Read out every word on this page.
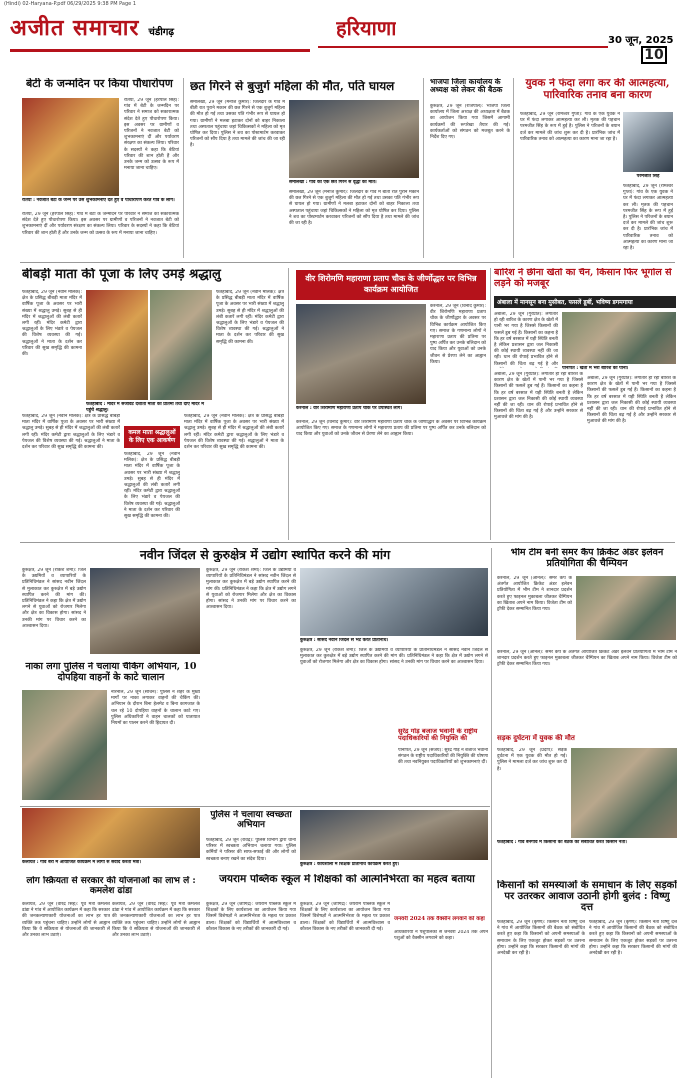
(Hindi) 02-Haryana-P.pdf 06/29/2025 9:38 PM Page 1
अजीत समाचार चंडीगढ़	हरियाणा
30 जून, 2025
10
बेटी के जन्मदिन पर किया पौधारोपण
रतिया, 29 जून (हरपाल सिंह): गांव में बेटी के जन्मदिन पर परिवार ने समाज को सकारात्मक संदेश देते हुए पौधारोपण किया। इस अवसर पर ग्रामीणों व परिजनों ने नवजात बेटी को शुभकामनाएं दीं और पर्यावरण संरक्षण का संकल्प लिया। परिवार के सदस्यों ने कहा कि बेटियां परिवार की शान होती हैं और उनके जन्म को उत्सव के रूप में मनाया जाना चाहिए।
रतिया : नवजात बेटी के जन्म पर उसे शुभकामनाएं देते हुए व पौधारोपण करते गांव के लोग।
रतिया, 29 जून (हरपाल सिंह): गांव में बेटी के जन्मदिन पर परिवार ने समाज को सकारात्मक संदेश देते हुए पौधारोपण किया। इस अवसर पर ग्रामीणों व परिजनों ने नवजात बेटी को शुभकामनाएं दीं और पर्यावरण संरक्षण का संकल्प लिया। परिवार के सदस्यों ने कहा कि बेटियां परिवार की शान होती हैं और उनके जन्म को उत्सव के रूप में मनाया जाना चाहिए।
छत गिरने से बुजुर्ग महिला की मौत, पति घायल
समालखा, 29 जून (मनोज कुमार): जिलेदार के गांव में बीती रात पुराने मकान की छत गिरने से एक बुजुर्ग महिला की मौत हो गई तथा उसका पति गंभीर रूप से घायल हो गया। ग्रामीणों ने मलबा हटाकर दोनों को बाहर निकाला तथा अस्पताल पहुंचाया जहां चिकित्सकों ने महिला को मृत घोषित कर दिया। पुलिस ने शव का पोस्टमार्टम करवाकर परिजनों को सौंप दिया है तथा मामले की जांच की जा रही है।
समालखा : गांव की एक छत गिरने से वृद्धा की मौत।
समालखा, 29 जून (मनोज कुमार): जिलेदार के गांव में बीती रात पुराने मकान की छत गिरने से एक बुजुर्ग महिला की मौत हो गई तथा उसका पति गंभीर रूप से घायल हो गया। ग्रामीणों ने मलबा हटाकर दोनों को बाहर निकाला तथा अस्पताल पहुंचाया जहां चिकित्सकों ने महिला को मृत घोषित कर दिया। पुलिस ने शव का पोस्टमार्टम करवाकर परिजनों को सौंप दिया है तथा मामले की जांच की जा रही है।
भाजपा जिला कार्यालय के अध्यक्ष को लेकर की बैठक
कुरुक्षेत्र, 29 जून (राजपाल): भाजपा जिला कार्यालय में जिला अध्यक्ष की अध्यक्षता में बैठक का आयोजन किया गया जिसमें आगामी कार्यक्रमों की रूपरेखा तैयार की गई। कार्यकर्ताओं को संगठन को मजबूत करने के निर्देश दिए गए।
युवक ने फंदा लगा कर की आत्महत्या, पारिवारिक तनाव बना कारण
फतेहाबाद, 29 जून (रामेश्वर गुप्ता): गांव के एक युवक ने घर में फंदा लगाकर आत्महत्या कर ली। मृतक की पहचान परमजीत सिंह के रूप में हुई है। पुलिस ने परिजनों के बयान दर्ज कर मामले की जांच शुरू कर दी है। प्रारंभिक जांच में पारिवारिक तनाव को आत्महत्या का कारण माना जा रहा है।
परमजीत सिंह
फतेहाबाद, 29 जून (रामेश्वर गुप्ता): गांव के एक युवक ने घर में फंदा लगाकर आत्महत्या कर ली। मृतक की पहचान परमजीत सिंह के रूप में हुई है। पुलिस ने परिजनों के बयान दर्ज कर मामले की जांच शुरू कर दी है। प्रारंभिक जांच में पारिवारिक तनाव को आत्महत्या का कारण माना जा रहा है।
बीबड़ी माता की पूजा के लिए उमड़े श्रद्धालु
फतेहाबाद, 29 जून (नवीन मलिक): क्षेत्र के प्रसिद्ध बीबड़ी माता मंदिर में वार्षिक पूजा के अवसर पर भारी संख्या में श्रद्धालु उमड़े। सुबह से ही मंदिर में श्रद्धालुओं की लंबी कतारें लगी रहीं। मंदिर कमेटी द्वारा श्रद्धालुओं के लिए भंडारे व पेयजल की विशेष व्यवस्था की गई। श्रद्धालुओं ने माता के दर्शन कर परिवार की सुख समृद्धि की कामना की।
फतेहाबाद, 29 जून (नवीन मलिक): क्षेत्र के प्रसिद्ध बीबड़ी माता मंदिर में वार्षिक पूजा के अवसर पर भारी संख्या में श्रद्धालु उमड़े। सुबह से ही मंदिर में श्रद्धालुओं की लंबी कतारें लगी रहीं। मंदिर कमेटी द्वारा श्रद्धालुओं के लिए भंडारे व पेयजल की विशेष व्यवस्था की गई। श्रद्धालुओं ने माता के दर्शन कर परिवार की सुख समृद्धि की कामना की।
फतेहाबाद : मंदिर में सजावट दर्शाती माता की प्रतिमा तथा दाएं मंदिर में पहुंचे श्रद्धालु।
फतेहाबाद, 29 जून (नवीन मलिक): क्षेत्र के प्रसिद्ध बीबड़ी माता मंदिर में वार्षिक पूजा के अवसर पर भारी संख्या में श्रद्धालु उमड़े। सुबह से ही मंदिर में श्रद्धालुओं की लंबी कतारें लगी रहीं। मंदिर कमेटी द्वारा श्रद्धालुओं के लिए भंडारे व पेयजल की विशेष व्यवस्था की गई। श्रद्धालुओं ने माता के दर्शन कर परिवार की सुख समृद्धि की कामना की।
कमल माता श्रद्धालुओं के लिए एक आकर्षण
फतेहाबाद, 29 जून (नवीन मलिक): क्षेत्र के प्रसिद्ध बीबड़ी माता मंदिर में वार्षिक पूजा के अवसर पर भारी संख्या में श्रद्धालु उमड़े। सुबह से ही मंदिर में श्रद्धालुओं की लंबी कतारें लगी रहीं। मंदिर कमेटी द्वारा श्रद्धालुओं के लिए भंडारे व पेयजल की विशेष व्यवस्था की गई। श्रद्धालुओं ने माता के दर्शन कर परिवार की सुख समृद्धि की कामना की।
फतेहाबाद, 29 जून (नवीन मलिक): क्षेत्र के प्रसिद्ध बीबड़ी माता मंदिर में वार्षिक पूजा के अवसर पर भारी संख्या में श्रद्धालु उमड़े। सुबह से ही मंदिर में श्रद्धालुओं की लंबी कतारें लगी रहीं। मंदिर कमेटी द्वारा श्रद्धालुओं के लिए भंडारे व पेयजल की विशेष व्यवस्था की गई। श्रद्धालुओं ने माता के दर्शन कर परिवार की सुख समृद्धि की कामना की।
वीर शिरोमणि महाराणा प्रताप चौक के जीर्णोद्धार पर विभिन्न कार्यक्रम आयोजित
करनाल, 29 जून (विनोद कुमार): वीर शिरोमणि महाराणा प्रताप चौक के जीर्णोद्धार के अवसर पर विभिन्न कार्यक्रम आयोजित किए गए। समाज के गणमान्य लोगों ने महाराणा प्रताप की प्रतिमा पर पुष्प अर्पित कर उनके बलिदान को याद किया और युवाओं को उनके जीवन से प्रेरणा लेने का आह्वान किया।
करनाल : वीर शिरोमणि महाराणा प्रताप चौक पर उपस्थित लोग।
करनाल, 29 जून (विनोद कुमार): वीर शिरोमणि महाराणा प्रताप चौक के जीर्णोद्धार के अवसर पर विभिन्न कार्यक्रम आयोजित किए गए। समाज के गणमान्य लोगों ने महाराणा प्रताप की प्रतिमा पर पुष्प अर्पित कर उनके बलिदान को याद किया और युवाओं को उनके जीवन से प्रेरणा लेने का आह्वान किया।
बारिश ने छीना खेतों का चैन, किसान फिर भूगोल से लड़ने को मजबूर
अंबाला में मानसून बना मुसीबत, फसलें डूबीं, भविष्य डगमगाया
अंबाला, 29 जून (गुरप्रीत): लगातार हो रही बारिश के कारण क्षेत्र के खेतों में पानी भर गया है जिससे किसानों की फसलें डूब गई हैं। किसानों का कहना है कि हर वर्ष बरसात में यही स्थिति बनती है लेकिन प्रशासन द्वारा जल निकासी की कोई स्थायी व्यवस्था नहीं की जा रही। धान की रोपाई प्रभावित होने से किसानों की चिंता बढ़ गई है और
पानीपत : खेतों में भरा बारिश का पानी।
अंबाला, 29 जून (गुरप्रीत): लगातार हो रही बारिश के कारण क्षेत्र के खेतों में पानी भर गया है जिससे किसानों की फसलें डूब गई हैं। किसानों का कहना है कि हर वर्ष बरसात में यही स्थिति बनती है लेकिन प्रशासन द्वारा जल निकासी की कोई स्थायी व्यवस्था नहीं की जा रही। धान की रोपाई प्रभावित होने से किसानों की चिंता बढ़ गई है और उन्होंने सरकार से मुआवजे की मांग की है।
अंबाला, 29 जून (गुरप्रीत): लगातार हो रही बारिश के कारण क्षेत्र के खेतों में पानी भर गया है जिससे किसानों की फसलें डूब गई हैं। किसानों का कहना है कि हर वर्ष बरसात में यही स्थिति बनती है लेकिन प्रशासन द्वारा जल निकासी की कोई स्थायी व्यवस्था नहीं की जा रही। धान की रोपाई प्रभावित होने से किसानों की चिंता बढ़ गई है और उन्होंने सरकार से मुआवजे की मांग की है।
नवीन जिंदल से कुरुक्षेत्र में उद्योग स्थापित करने की मांग
कुरुक्षेत्र, 29 जून (राकेश शर्मा): जिले के उद्यमियों व व्यापारियों के प्रतिनिधिमंडल ने सांसद नवीन जिंदल से मुलाकात कर कुरुक्षेत्र में बड़े उद्योग स्थापित करने की मांग की। प्रतिनिधिमंडल ने कहा कि क्षेत्र में उद्योग लगने से युवाओं को रोजगार मिलेगा और क्षेत्र का विकास होगा। सांसद ने उनकी मांग पर विचार करने का आश्वासन दिया।
नाका लगा पुलिस ने चलाया चैकिंग अभियान, 10 दोपहिया वाहनों के काटे चालान
नारनौल, 29 जून (सचिन): पुलिस ने शहर के मुख्य मार्गों पर नाका लगाकर वाहनों की चैकिंग की। अभियान के दौरान बिना हेलमेट व बिना कागजात के चल रहे 10 दोपहिया वाहनों के चालान काटे गए। पुलिस अधिकारियों ने वाहन चालकों को यातायात नियमों का पालन करने की हिदायत दी।
कुरुक्षेत्र : सांसद नवीन जिंदल से भेंट करते प्रतिनिधि।
कुरुक्षेत्र, 29 जून (राकेश शर्मा): जिले के उद्यमियों व व्यापारियों के प्रतिनिधिमंडल ने सांसद नवीन जिंदल से मुलाकात कर कुरुक्षेत्र में बड़े उद्योग स्थापित करने की मांग की। प्रतिनिधिमंडल ने कहा कि क्षेत्र में उद्योग लगने से युवाओं को रोजगार मिलेगा और क्षेत्र का विकास होगा। सांसद ने उनकी मांग पर विचार करने का आश्वासन दिया।
कुरुक्षेत्र, 29 जून (राकेश शर्मा): जिले के उद्यमियों व व्यापारियों के प्रतिनिधिमंडल ने सांसद नवीन जिंदल से मुलाकात कर कुरुक्षेत्र में बड़े उद्योग स्थापित करने की मांग की। प्रतिनिधिमंडल ने कहा कि क्षेत्र में उद्योग लगने से युवाओं को रोजगार मिलेगा और क्षेत्र का विकास होगा। सांसद ने उनकी मांग पर विचार करने का आश्वासन दिया।
भीम टीम बनी समर कैंप क्रिकेट अंडर इलेवन प्रतियोगिता की चैम्पियन
करनाल, 29 जून (अनिल): समर कैंप के अंतर्गत आयोजित क्रिकेट अंडर इलेवन प्रतियोगिता में भीम टीम ने शानदार प्रदर्शन करते हुए फाइनल मुकाबला जीतकर चैम्पियन का खिताब अपने नाम किया। विजेता टीम को ट्रॉफी देकर सम्मानित किया गया।
करनाल, 29 जून (अनिल): समर कैंप के अंतर्गत आयोजित क्रिकेट अंडर इलेवन प्रतियोगिता में भीम टीम ने शानदार प्रदर्शन करते हुए फाइनल मुकाबला जीतकर चैम्पियन का खिताब अपने नाम किया। विजेता टीम को ट्रॉफी देकर सम्मानित किया गया।
सुरेंद्र गोड़ बजाज भवानी के राष्ट्रीय पदाधिकारियों की नियुक्ति की
पानीपत, 29 जून (संजय): सुरेंद्र गोड़ ने बजाज भवानी संगठन के राष्ट्रीय पदाधिकारियों की नियुक्ति की घोषणा की तथा नवनियुक्त पदाधिकारियों को शुभकामनाएं दीं।
कलायत : गांव बरी में आयोजित कार्यक्रम में लोगों से संवाद करती मंत्री।
लोग स्क्रियता से सरकार की योजनाओं का लाभ लें : कमलेश ढांडा
कलायत, 29 जून (वीरेंद्र सिंह): पूर्व मंत्री कमलेश ढांडा ने गांव में आयोजित कार्यक्रम में कहा कि सरकार की जनकल्याणकारी योजनाओं का लाभ हर पात्र व्यक्ति तक पहुंचना चाहिए। उन्होंने लोगों से आह्वान किया कि वे सक्रियता से योजनाओं की जानकारी लें और उनका लाभ उठाएं।
कलायत, 29 जून (वीरेंद्र सिंह): पूर्व मंत्री कमलेश ढांडा ने गांव में आयोजित कार्यक्रम में कहा कि सरकार की जनकल्याणकारी योजनाओं का लाभ हर पात्र व्यक्ति तक पहुंचना चाहिए। उन्होंने लोगों से आह्वान किया कि वे सक्रियता से योजनाओं की जानकारी लें और उनका लाभ उठाएं।
पुलिस ने चलाया स्वच्छता अभियान
फतेहाबाद, 29 जून (रविंद्र): पुलिस विभाग द्वारा थाना परिसर में स्वच्छता अभियान चलाया गया। पुलिस कर्मियों ने परिसर की साफ-सफाई की और लोगों को स्वच्छता बनाए रखने का संदेश दिया।
कुरुक्षेत्र : कार्यशाला में शिक्षक प्रतिनिधि कार्यक्रम करते हुए।
जयराम पब्लिक स्कूल में शिक्षकों को आत्मनिर्भरता का महत्व बताया
कुरुक्षेत्र, 29 जून (जोगिंद्र): जयराम पब्लिक स्कूल में शिक्षकों के लिए कार्यशाला का आयोजन किया गया जिसमें विशेषज्ञों ने आत्मनिर्भरता के महत्व पर प्रकाश डाला। शिक्षकों को विद्यार्थियों में आत्मविश्वास व कौशल विकास के नए तरीकों की जानकारी दी गई।
कुरुक्षेत्र, 29 जून (जोगिंद्र): जयराम पब्लिक स्कूल में शिक्षकों के लिए कार्यशाला का आयोजन किया गया जिसमें विशेषज्ञों ने आत्मनिर्भरता के महत्व पर प्रकाश डाला। शिक्षकों को विद्यार्थियों में आत्मविश्वास व कौशल विकास के नए तरीकों की जानकारी दी गई।
अधिकारियों ने पशुपालकों से जनवरी 2024 तक अपने पशुओं को वैक्सीन लगवाने को कहा।
जनवरी 2024 तक वैक्सीन लगवाने को कहा
सड़क दुर्घटना में युवक की मौत
फतेहाबाद, 29 जून (प्रदीप): सड़क दुर्घटना में एक युवक की मौत हो गई। पुलिस ने मामला दर्ज कर जांच शुरू कर दी है।
फतेहाबाद : गांव बनगांव में किसानों की बैठक को संबोधित करते किसान नेता।
किसानों को समस्याओं के समाधान के लिए सड़कों पर उतरकर आवाज उठानी होगी बुलंद : विष्णु दत्त
फतेहाबाद, 29 जून (कृष्ण): किसान नेता विष्णु दत्त ने गांव में आयोजित किसानों की बैठक को संबोधित करते हुए कहा कि किसानों को अपनी समस्याओं के समाधान के लिए एकजुट होकर सड़कों पर उतरना होगा। उन्होंने कहा कि सरकार किसानों की मांगों की अनदेखी कर रही है।
फतेहाबाद, 29 जून (कृष्ण): किसान नेता विष्णु दत्त ने गांव में आयोजित किसानों की बैठक को संबोधित करते हुए कहा कि किसानों को अपनी समस्याओं के समाधान के लिए एकजुट होकर सड़कों पर उतरना होगा। उन्होंने कहा कि सरकार किसानों की मांगों की अनदेखी कर रही है।
